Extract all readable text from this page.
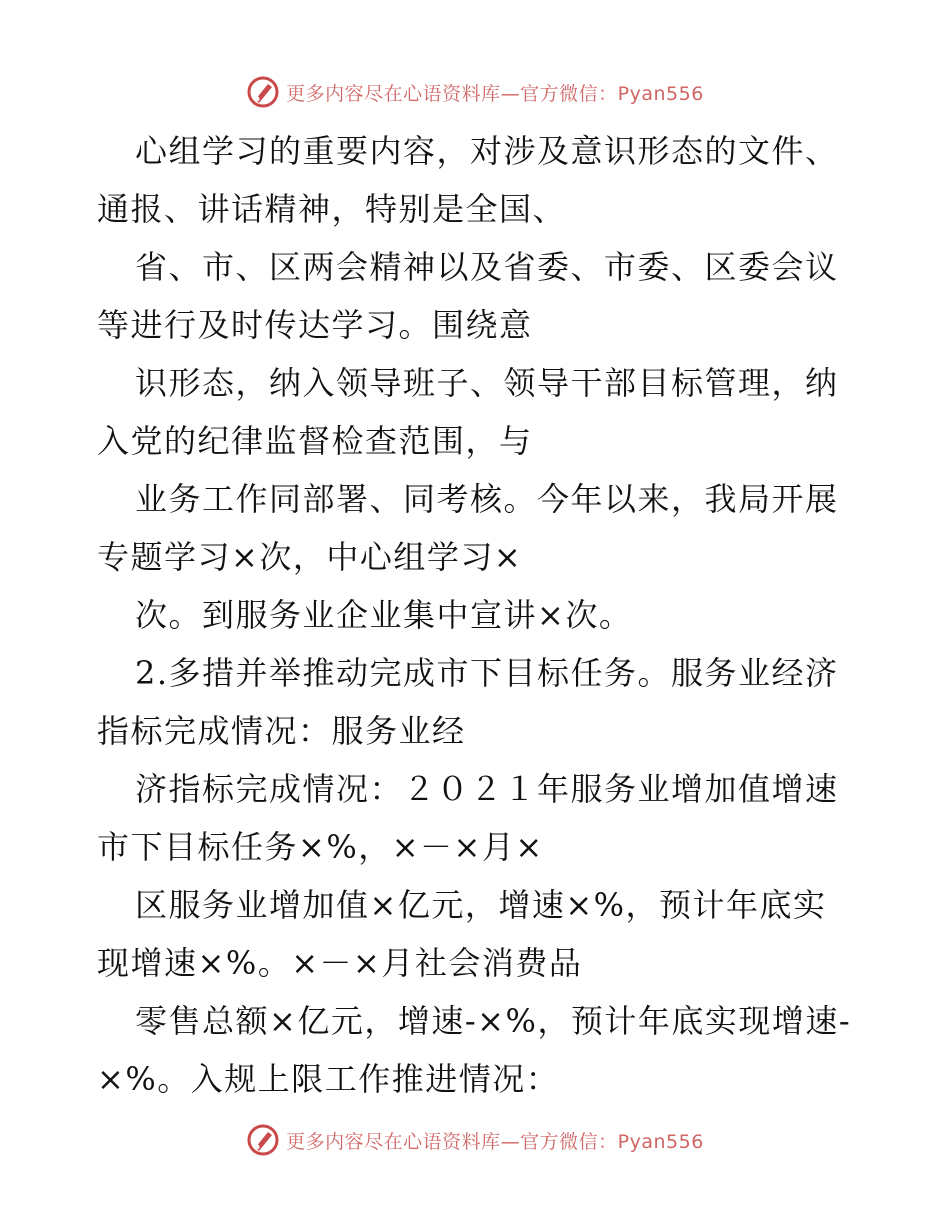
更多内容尽在心语资料库—官方微信：Pyan556

心组学习的重要内容，对涉及意识形态的文件、通报、讲话精神，特别是全国、

省、市、区两会精神以及省委、市委、区委会议等进行及时传达学习。围绕意

识形态，纳入领导班子、领导干部目标管理，纳入党的纪律监督检查范围，与

业务工作同部署、同考核。今年以来，我局开展专题学习×次，中心组学习×

次。到服务业企业集中宣讲×次。

2.多措并举推动完成市下目标任务。服务业经济指标完成情况：服务业经

济指标完成情况：２０２１年服务业增加值增速市下目标任务×%，×－×月×

区服务业增加值×亿元，增速×%，预计年底实现增速×%。×－×月社会消费品

零售总额×亿元，增速-×%，预计年底实现增速-×%。入规上限工作推进情况：

更多内容尽在心语资料库—官方微信：Pyan556
